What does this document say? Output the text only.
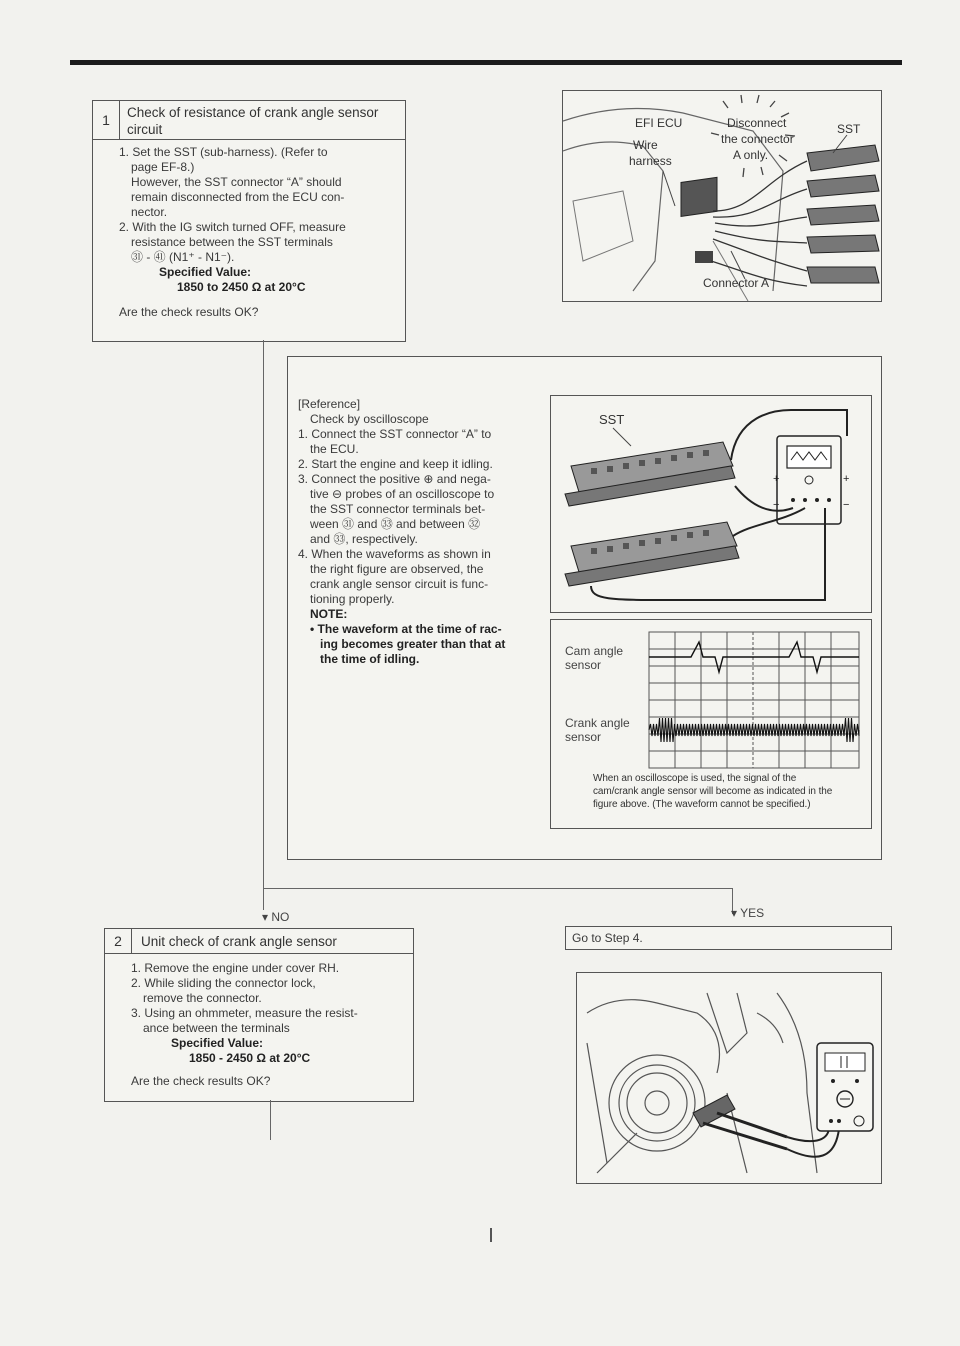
1	Check of resistance of crank angle sensor
circuit
1. Set the SST (sub-harness). (Refer to
page EF-8.)
However, the SST connector “A” should
remain disconnected from the ECU con-
nector.
2. With the IG switch turned OFF, measure
resistance between the SST terminals
㉛ - ㊶ (N1⁺ - N1⁻).
Specified Value:
1850 to 2450 Ω at 20°C
Are the check results OK?
EFI ECU	Disconnect
the connector
A only.
SST
Wire
harness
Connector A
[Reference]
Check by oscilloscope
1. Connect the SST connector “A” to
the ECU.
2. Start the engine and keep it idling.
3. Connect the positive ⊕ and nega-
tive ⊖ probes of an oscilloscope to
the SST connector terminals bet-
ween ㉛ and ㉝ and between ㉜
and ㉝, respectively.
4. When the waveforms as shown in
the right figure are observed, the
crank angle sensor circuit is func-
tioning properly.
NOTE:
• The waveform at the time of rac-
ing becomes greater than that at
the time of idling.
SST
+	+
−	−
Cam angle
sensor
Crank angle
sensor
When an oscilloscope is used, the signal of the
cam/crank angle sensor will become as indicated in the
figure above. (The waveform cannot be specified.)
▾ NO	▾ YES
2	Unit check of crank angle sensor
1. Remove the engine under cover RH.
2. While sliding the connector lock,
remove the connector.
3. Using an ohmmeter, measure the resist-
ance between the terminals
Specified Value:
1850 - 2450 Ω at 20°C
Are the check results OK?
Go to Step 4.
